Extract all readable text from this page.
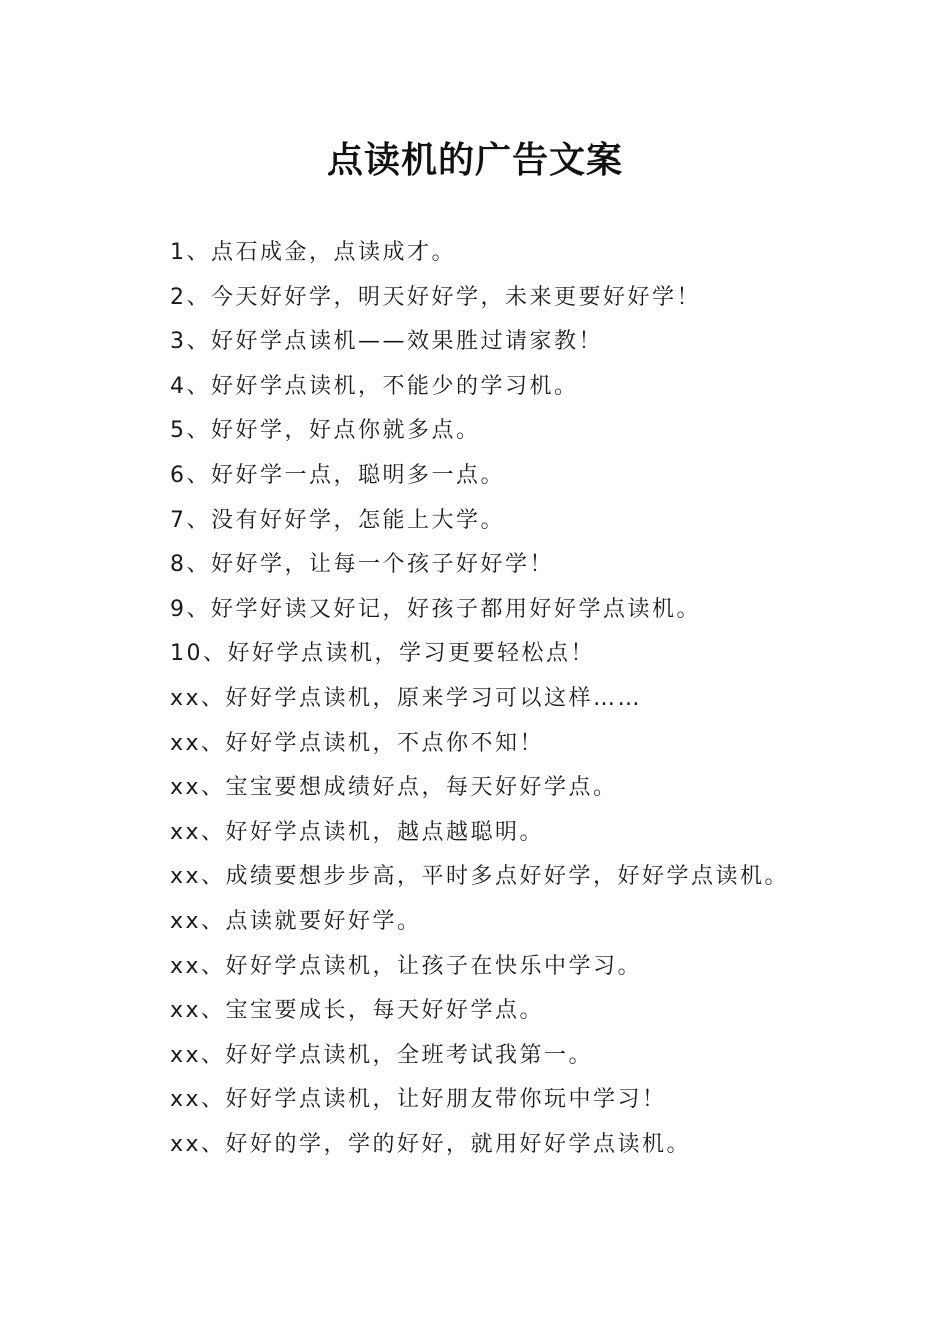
点读机的广告文案
1、点石成金，点读成才。
2、今天好好学，明天好好学，未来更要好好学！
3、好好学点读机——效果胜过请家教！
4、好好学点读机，不能少的学习机。
5、好好学，好点你就多点。
6、好好学一点，聪明多一点。
7、没有好好学，怎能上大学。
8、好好学，让每一个孩子好好学！
9、好学好读又好记，好孩子都用好好学点读机。
10、好好学点读机，学习更要轻松点！
xx、好好学点读机，原来学习可以这样……
xx、好好学点读机，不点你不知！
xx、宝宝要想成绩好点，每天好好学点。
xx、好好学点读机，越点越聪明。
xx、成绩要想步步高，平时多点好好学，好好学点读机。
xx、点读就要好好学。
xx、好好学点读机，让孩子在快乐中学习。
xx、宝宝要成长，每天好好学点。
xx、好好学点读机，全班考试我第一。
xx、好好学点读机，让好朋友带你玩中学习！
xx、好好的学，学的好好，就用好好学点读机。
